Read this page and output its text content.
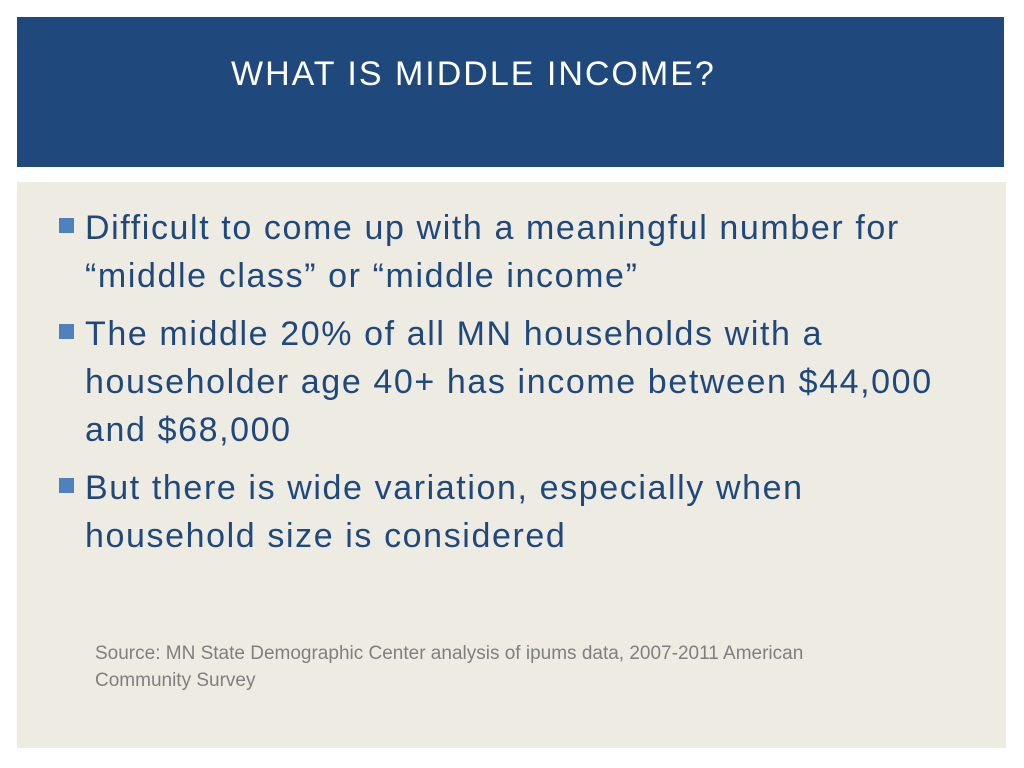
WHAT IS MIDDLE INCOME?
Difficult to come up with a meaningful number for “middle class” or “middle income”
The middle 20% of all MN households with a householder age 40+ has income between $44,000 and $68,000
But there is wide variation, especially when household size is considered

Source: MN State Demographic Center analysis of ipums data, 2007-2011 American Community Survey
